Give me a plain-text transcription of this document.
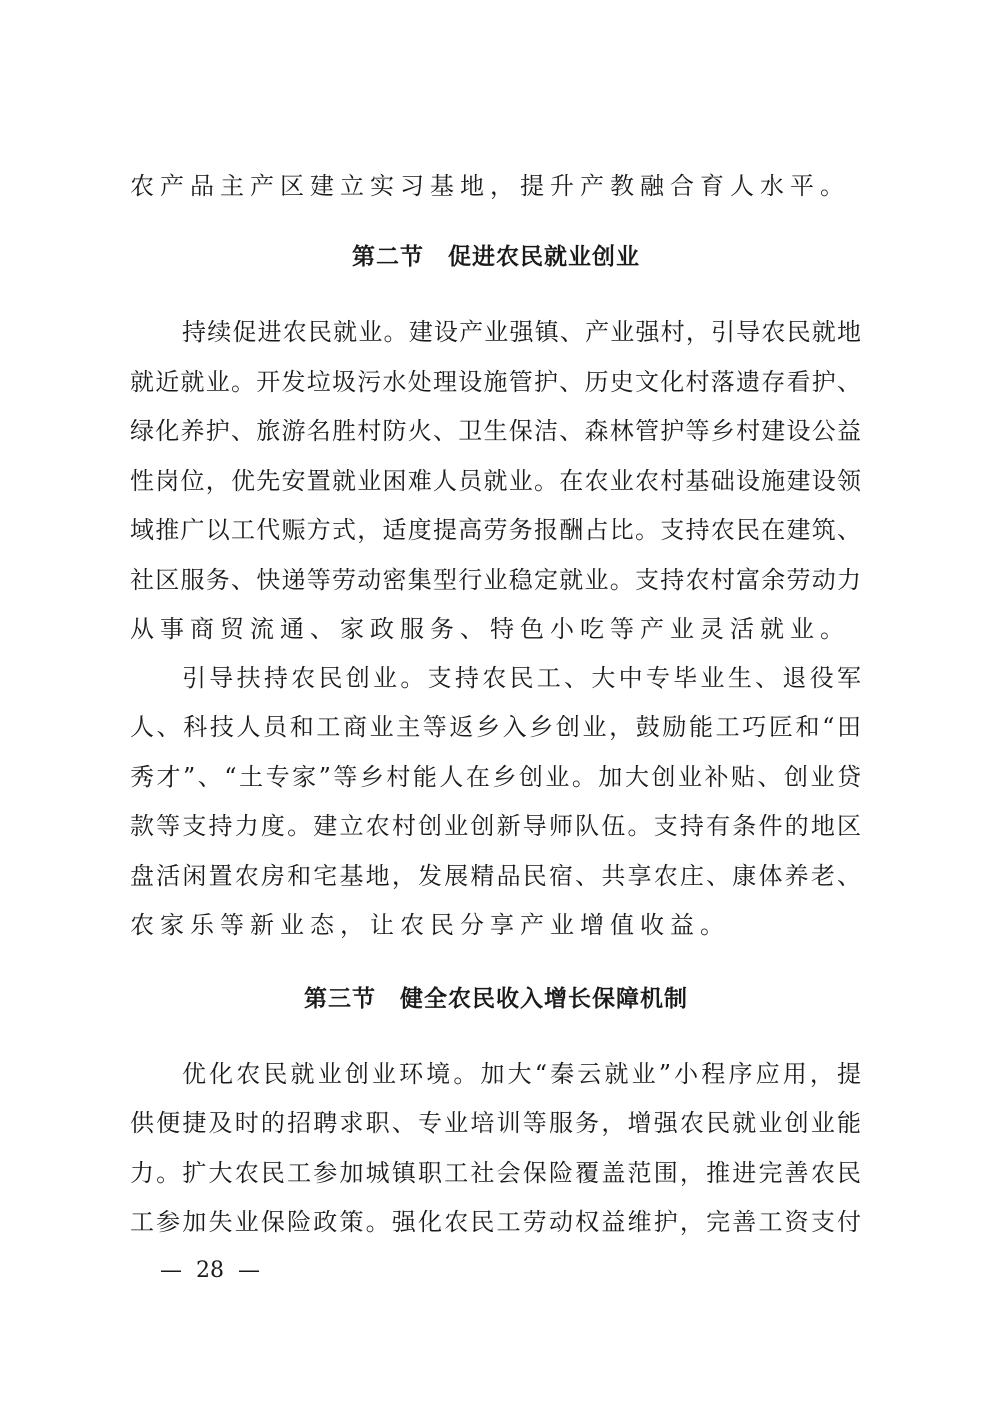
农产品主产区建立实习基地，提升产教融合育人水平。
第二节　促进农民就业创业
持续促进农民就业。建设产业强镇、产业强村，引导农民就地
就近就业。开发垃圾污水处理设施管护、历史文化村落遗存看护、
绿化养护、旅游名胜村防火、卫生保洁、森林管护等乡村建设公益
性岗位，优先安置就业困难人员就业。在农业农村基础设施建设领
域推广以工代赈方式，适度提高劳务报酬占比。支持农民在建筑、
社区服务、快递等劳动密集型行业稳定就业。支持农村富余劳动力
从事商贸流通、家政服务、特色小吃等产业灵活就业。
引导扶持农民创业。支持农民工、大中专毕业生、退役军
人、科技人员和工商业主等返乡入乡创业，鼓励能工巧匠和“田
秀才”、“土专家”等乡村能人在乡创业。加大创业补贴、创业贷
款等支持力度。建立农村创业创新导师队伍。支持有条件的地区
盘活闲置农房和宅基地，发展精品民宿、共享农庄、康体养老、
农家乐等新业态，让农民分享产业增值收益。
第三节　健全农民收入增长保障机制
优化农民就业创业环境。加大“秦云就业”小程序应用，提
供便捷及时的招聘求职、专业培训等服务，增强农民就业创业能
力。扩大农民工参加城镇职工社会保险覆盖范围，推进完善农民
工参加失业保险政策。强化农民工劳动权益维护，完善工资支付
—  28  —
